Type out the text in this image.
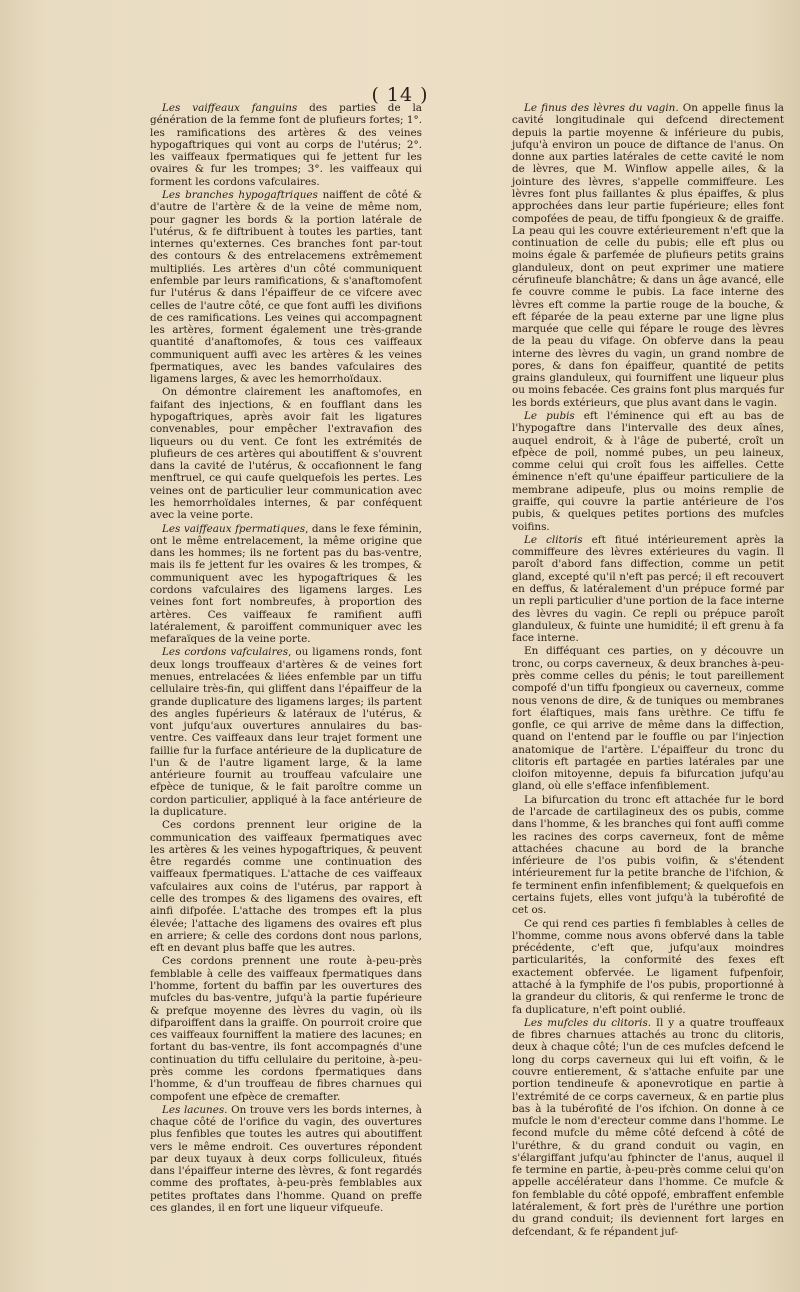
( 14 )

Les vaiffeaux fanguins des parties de la génération de la femme font de plufieurs fortes; 1°. les ramifications des artères & des veines hypogaftriques qui vont au corps de l'utérus; 2°. les vaiffeaux fpermatiques qui fe jettent fur les ovaires & fur les trompes; 3°. les vaiffeaux qui forment les cordons vafculaires.

Les branches hypogaftriques naiffent de côté & d'autre de l'artère & de la veine de même nom, pour gagner les bords & la portion latérale de l'utérus, & fe diftribuent à toutes les parties, tant internes qu'externes. Ces branches font par-tout des contours & des entrelacemens extrêmement multipliés. Les artères d'un côté communiquent enfemble par leurs ramifications, & s'anaftomofent fur l'utérus & dans l'épaiffeur de ce vifcere avec celles de l'autre côté, ce que font auffi les divifions de ces ramifications. Les veines qui accompagnent les artères, forment également une très-grande quantité d'anaftomofes, & tous ces vaiffeaux communiquent auffi avec les artères & les veines fpermatiques, avec les bandes vafculaires des ligamens larges, & avec les hemorrhoïdaux.

On démontre clairement les anaftomofes, en faifant des injections, & en foufflant dans les hypogaftriques, après avoir fait les ligatures convenables, pour empêcher l'extravafion des liqueurs ou du vent. Ce font les extrémités de plufieurs de ces artères qui aboutiffent & s'ouvrent dans la cavité de l'utérus, & occafionnent le fang menftruel, ce qui caufe quelquefois les pertes. Les veines ont de particulier leur communication avec les hemorrhoïdales internes, & par conféquent avec la veine porte.

Les vaiffeaux fpermatiques, dans le fexe féminin, ont le même entrelacement, la même origine que dans les hommes; ils ne fortent pas du bas-ventre, mais ils fe jettent fur les ovaires & les trompes, & communiquent avec les hypogaftriques & les cordons vafculaires des ligamens larges. Les veines font fort nombreufes, à proportion des artères. Ces vaiffeaux fe ramifient auffi latéralement, & paroiffent communiquer avec les mefaraïques de la veine porte.

Les cordons vafculaires, ou ligamens ronds, font deux longs trouffeaux d'artères & de veines fort menues, entrelacées & liées enfemble par un tiffu cellulaire très-fin, qui gliffent dans l'épaiffeur de la grande duplicature des ligamens larges; ils partent des angles fupérieurs & latéraux de l'utérus, & vont jufqu'aux ouvertures annulaires du bas-ventre. Ces vaiffeaux dans leur trajet forment une faillie fur la furface antérieure de la duplicature de l'un & de l'autre ligament large, & la lame antérieure fournit au trouffeau vafculaire une efpèce de tunique, & le fait paroître comme un cordon particulier, appliqué à la face antérieure de la duplicature.

Ces cordons prennent leur origine de la communication des vaiffeaux fpermatiques avec les artères & les veines hypogaftriques, & peuvent être regardés comme une continuation des vaiffeaux fpermatiques. L'attache de ces vaiffeaux vafculaires aux coins de l'utérus, par rapport à celle des trompes & des ligamens des ovaires, eft ainfi difpofée. L'attache des trompes eft la plus élevée; l'attache des ligamens des ovaires eft plus en arriere; & celle des cordons dont nous parlons, eft en devant plus baffe que les autres.

Ces cordons prennent une route à-peu-près femblable à celle des vaiffeaux fpermatiques dans l'homme, fortent du baffin par les ouvertures des mufcles du bas-ventre, jufqu'à la partie fupérieure & prefque moyenne des lèvres du vagin, où ils difparoiffent dans la graiffe. On pourroit croire que ces vaiffeaux fourniffent la matiere des lacunes; en fortant du bas-ventre, ils font accompagnés d'une continuation du tiffu cellulaire du peritoine, à-peu-près comme les cordons fpermatiques dans l'homme, & d'un trouffeau de fibres charnues qui compofent une efpèce de cremafter.

Les lacunes. On trouve vers les bords internes, à chaque côté de l'orifice du vagin, des ouvertures plus fenfibles que toutes les autres qui aboutiffent vers le même endroit. Ces ouvertures répondent par deux tuyaux à deux corps folliculeux, fitués dans l'épaiffeur interne des lèvres, & font regardés comme des proftates, à-peu-près femblables aux petites proftates dans l'homme. Quand on preffe ces glandes, il en fort une liqueur vifqueufe.

Le finus des lèvres du vagin. On appelle finus la cavité longitudinale qui defcend directement depuis la partie moyenne & inférieure du pubis, jufqu'à environ un pouce de diftance de l'anus. On donne aux parties latérales de cette cavité le nom de lèvres, que M. Winflow appelle ailes, & la jointure des lèvres, s'appelle commiffeure. Les lèvres font plus faillantes & plus épaiffes, & plus approchées dans leur partie fupérieure; elles font compofées de peau, de tiffu fpongieux & de graiffe. La peau qui les couvre extérieurement n'eft que la continuation de celle du pubis; elle eft plus ou moins égale & parfemée de plufieurs petits grains glanduleux, dont on peut exprimer une matiere cérufineufe blanchâtre; & dans un âge avancé, elle fe couvre comme le pubis. La face interne des lèvres eft comme la partie rouge de la bouche, & eft féparée de la peau externe par une ligne plus marquée que celle qui fépare le rouge des lèvres de la peau du vifage. On obferve dans la peau interne des lèvres du vagin, un grand nombre de pores, & dans fon épaiffeur, quantité de petits grains glanduleux, qui fourniffent une liqueur plus ou moins febacée. Ces grains font plus marqués fur les bords extérieurs, que plus avant dans le vagin.

Le pubis eft l'éminence qui eft au bas de l'hypogaftre dans l'intervalle des deux aînes, auquel endroit, & à l'âge de puberté, croît un efpèce de poil, nommé pubes, un peu laineux, comme celui qui croît fous les aiffelles. Cette éminence n'eft qu'une épaiffeur particuliere de la membrane adipeufe, plus ou moins remplie de graiffe, qui couvre la partie antérieure de l'os pubis, & quelques petites portions des mufcles voifins.

Le clitoris eft fitué intérieurement après la commiffeure des lèvres extérieures du vagin. Il paroît d'abord fans diffection, comme un petit gland, excepté qu'il n'eft pas percé; il eft recouvert en deffus, & latéralement d'un prépuce formé par un repli particulier d'une portion de la face interne des lèvres du vagin. Ce repli ou prépuce paroît glanduleux, & fuinte une humidité; il eft grenu à fa face interne.

En difféquant ces parties, on y découvre un tronc, ou corps caverneux, & deux branches à-peu-près comme celles du pénis; le tout pareillement compofé d'un tiffu fpongieux ou caverneux, comme nous venons de dire, & de tuniques ou membranes fort élaftiques, mais fans urèthre. Ce tiffu fe gonfle, ce qui arrive de même dans la diffection, quand on l'entend par le fouffle ou par l'injection anatomique de l'artère. L'épaiffeur du tronc du clitoris eft partagée en parties latérales par une cloifon mitoyenne, depuis fa bifurcation jufqu'au gland, où elle s'efface infenfiblement.

La bifurcation du tronc eft attachée fur le bord de l'arcade de cartilagineux des os pubis, comme dans l'homme, & les branches qui font auffi comme les racines des corps caverneux, font de même attachées chacune au bord de la branche inférieure de l'os pubis voifin, & s'étendent intérieurement fur la petite branche de l'ifchion, & fe terminent enfin infenfiblement; & quelquefois en certains fujets, elles vont jufqu'à la tubérofité de cet os.

Ce qui rend ces parties fi femblables à celles de l'homme, comme nous avons obfervé dans la table précédente, c'eft que, jufqu'aux moindres particularités, la conformité des fexes eft exactement obfervée. Le ligament fufpenfoir, attaché à la fymphife de l'os pubis, proportionné à la grandeur du clitoris, & qui renferme le tronc de fa duplicature, n'eft point oublié.

Les mufcles du clitoris. Il y a quatre trouffeaux de fibres charnues attachés au tronc du clitoris, deux à chaque côté; l'un de ces mufcles defcend le long du corps caverneux qui lui eft voifin, & le couvre entierement, & s'attache enfuite par une portion tendineufe & aponevrotique en partie à l'extrémité de ce corps caverneux, & en partie plus bas à la tubérofité de l'os ifchion. On donne à ce mufcle le nom d'erecteur comme dans l'homme. Le fecond mufcle du même côté defcend à côté de l'uréthre, & du grand conduit ou vagin, en s'élargiffant jufqu'au fphincter de l'anus, auquel il fe termine en partie, à-peu-près comme celui qu'on appelle accélérateur dans l'homme. Ce mufcle & fon femblable du côté oppofé, embraffent enfemble latéralement, & fort près de l'uréthre une portion du grand conduit; ils deviennent fort larges en defcendant, & fe répandent juf-
